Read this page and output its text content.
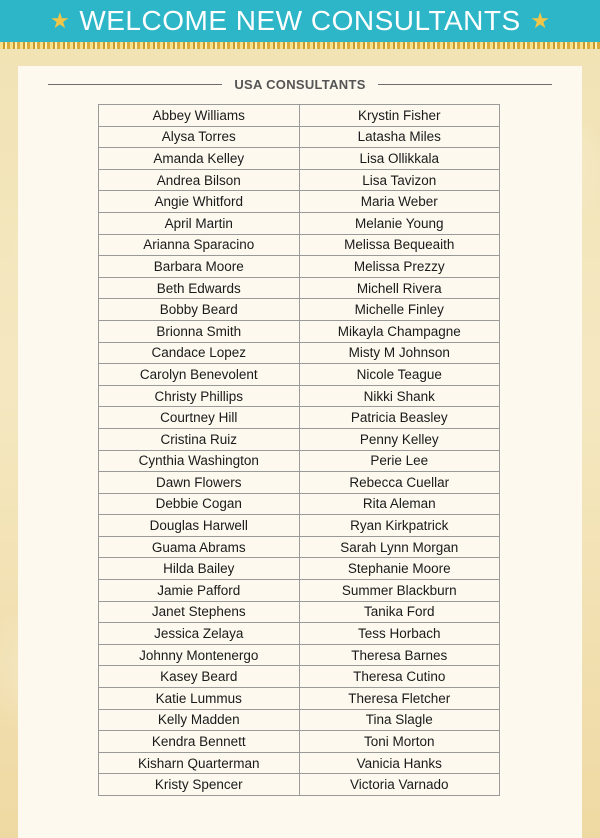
★ WELCOME NEW CONSULTANTS ★
USA CONSULTANTS
Abbey Williams	Krystin Fisher
Alysa Torres	Latasha Miles
Amanda Kelley	Lisa Ollikkala
Andrea Bilson	Lisa Tavizon
Angie Whitford	Maria Weber
April Martin	Melanie Young
Arianna Sparacino	Melissa Bequeaith
Barbara Moore	Melissa Prezzy
Beth Edwards	Michell Rivera
Bobby Beard	Michelle Finley
Brionna Smith	Mikayla Champagne
Candace Lopez	Misty M Johnson
Carolyn Benevolent	Nicole Teague
Christy Phillips	Nikki Shank
Courtney Hill	Patricia Beasley
Cristina Ruiz	Penny Kelley
Cynthia Washington	Perie Lee
Dawn Flowers	Rebecca Cuellar
Debbie Cogan	Rita Aleman
Douglas Harwell	Ryan Kirkpatrick
Guama Abrams	Sarah Lynn Morgan
Hilda Bailey	Stephanie Moore
Jamie Pafford	Summer Blackburn
Janet Stephens	Tanika Ford
Jessica Zelaya	Tess Horbach
Johnny Montenergo	Theresa Barnes
Kasey Beard	Theresa Cutino
Katie Lummus	Theresa Fletcher
Kelly Madden	Tina Slagle
Kendra Bennett	Toni Morton
Kisharn Quarterman	Vanicia Hanks
Kristy Spencer	Victoria Varnado
